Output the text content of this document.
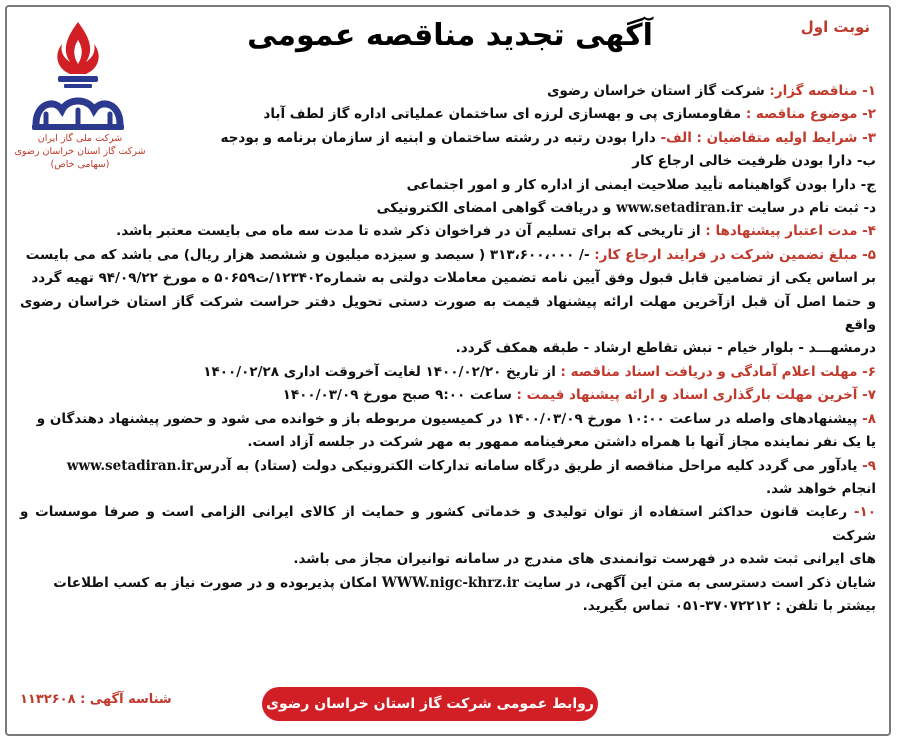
نوبت اول
آگهی تجدید مناقصه عمومی
شرکت ملی گاز ایران
شرکت گاز استان خراسان رضوی
(سهامی خاص)

۱- مناقصه گزار: شرکت گاز استان خراسان رضوی

۲- موضوع مناقصه : مقاومسازی پی و بهسازی لرزه ای ساختمان عملیاتی اداره گاز لطف آباد

۳- شرایط اولیه متقاضیان : الف- دارا بودن رتبه در رشته ساختمان و ابنیه از سازمان برنامه و بودجه

ب- دارا بودن ظرفیت خالی ارجاع کار

ج- دارا بودن گواهینامه تأیید صلاحیت ایمنی از اداره کار و امور اجتماعی

د- ثبت نام در سایت www.setadiran.ir و دریافت گواهی امضای الکترونیکی

۴- مدت اعتبار پیشنهادها : از تاریخی که برای تسلیم آن در فراخوان ذکر شده تا مدت سه ماه می بایست معتبر باشد.

۵- مبلغ تضمین شرکت در فرایند ارجاع کار: -/ ۳۱۳،۶۰۰،۰۰۰ ( سیصد و سیزده میلیون و ششصد هزار ریال) می باشد که می بایست

بر اساس یکی از تضامین قابل قبول وفق آیین نامه تضمین معاملات دولتی به شماره۱۲۳۴۰۲/ت۵۰۶۵۹ ه مورخ ۹۴/۰۹/۲۲ تهیه گردد

و حتما اصل آن قبل ازآخرین مهلت ارائه پیشنهاد قیمت به صورت دستی تحویل دفتر حراست شرکت گاز استان خراسان رضوی واقع

درمشهـــد - بلوار خیام - نبش تقاطع ارشاد - طبقه همکف گردد.

۶- مهلت اعلام آمادگی و دریافت اسناد مناقصه : از تاریخ ۱۴۰۰/۰۲/۲۰ لغایت آخروقت اداری ۱۴۰۰/۰۲/۲۸

۷- آخرین مهلت بارگذاری اسناد و ارائه پیشنهاد قیمت : ساعت ۹:۰۰ صبح مورخ ۱۴۰۰/۰۳/۰۹

۸- پیشنهادهای واصله در ساعت ۱۰:۰۰ مورخ ۱۴۰۰/۰۳/۰۹ در کمیسیون مربوطه باز و خوانده می شود و حضور پیشنهاد دهندگان و

یا یک نفر نماینده مجاز آنها با همراه داشتن معرفینامه ممهور به مهر شرکت در جلسه آزاد است.

۹- یادآور می گردد کلیه مراحل مناقصه از طریق درگاه سامانه تدارکات الکترونیکی دولت (ستاد) به آدرسwww.setadiran.ir

انجام خواهد شد.

۱۰- رعایت قانون حداکثر استفاده از توان تولیدی و خدماتی کشور و حمایت از کالای ایرانی الزامی است و صرفا موسسات و شرکت

های ایرانی ثبت شده در فهرست توانمندی های مندرج در سامانه توانیران مجاز می باشد.

شایان ذکر است دسترسی به متن این آگهی، در سایت WWW.nigc-khrz.ir امکان پذیربوده و در صورت نیاز به کسب اطلاعات

بیشتر با تلفن : ۳۷۰۷۲۲۱۲-۰۵۱ تماس بگیرید.

شناسه آگهی : ۱۱۳۲۶۰۸	روابط عمومی شرکت گاز استان خراسان رضوی
